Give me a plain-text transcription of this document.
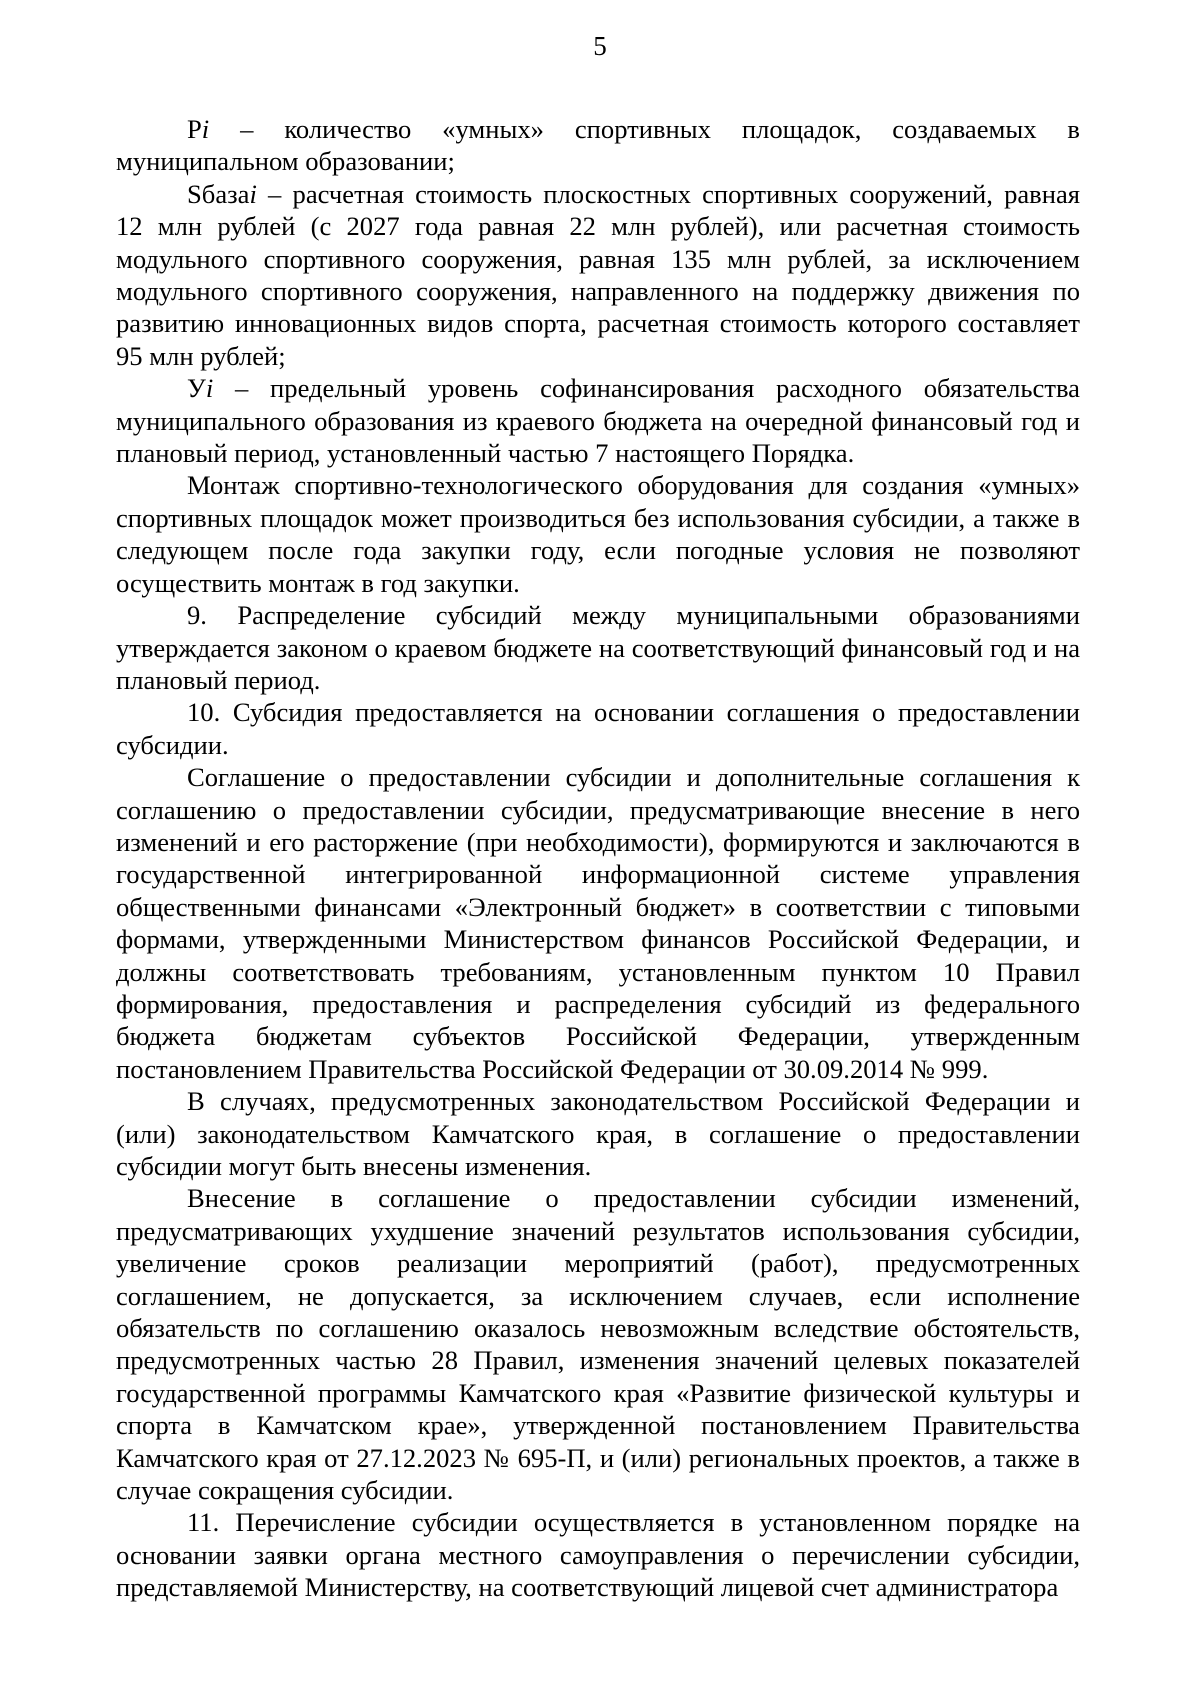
5

Pi – количество «умных» спортивных площадок, создаваемых в муниципальном образовании;

Sбазаi – расчетная стоимость плоскостных спортивных сооружений, равная 12 млн рублей (с 2027 года равная 22 млн рублей), или расчетная стоимость модульного спортивного сооружения, равная 135 млн рублей, за исключением модульного спортивного сооружения, направленного на поддержку движения по развитию инновационных видов спорта, расчетная стоимость которого составляет 95 млн рублей;

Уi – предельный уровень софинансирования расходного обязательства муниципального образования из краевого бюджета на очередной финансовый год и плановый период, установленный частью 7 настоящего Порядка.

Монтаж спортивно-технологического оборудования для создания «умных» спортивных площадок может производиться без использования субсидии, а также в следующем после года закупки году, если погодные условия не позволяют осуществить монтаж в год закупки.

9. Распределение субсидий между муниципальными образованиями утверждается законом о краевом бюджете на соответствующий финансовый год и на плановый период.

10. Субсидия предоставляется на основании соглашения о предоставлении субсидии.

Соглашение о предоставлении субсидии и дополнительные соглашения к соглашению о предоставлении субсидии, предусматривающие внесение в него изменений и его расторжение (при необходимости), формируются и заключаются в государственной интегрированной информационной системе управления общественными финансами «Электронный бюджет» в соответствии с типовыми формами, утвержденными Министерством финансов Российской Федерации, и должны соответствовать требованиям, установленным пунктом 10 Правил формирования, предоставления и распределения субсидий из федерального бюджета бюджетам субъектов Российской Федерации, утвержденным постановлением Правительства Российской Федерации от 30.09.2014 № 999.

В случаях, предусмотренных законодательством Российской Федерации и (или) законодательством Камчатского края, в соглашение о предоставлении субсидии могут быть внесены изменения.

Внесение в соглашение о предоставлении субсидии изменений, предусматривающих ухудшение значений результатов использования субсидии, увеличение сроков реализации мероприятий (работ), предусмотренных соглашением, не допускается, за исключением случаев, если исполнение обязательств по соглашению оказалось невозможным вследствие обстоятельств, предусмотренных частью 28 Правил, изменения значений целевых показателей государственной программы Камчатского края «Развитие физической культуры и спорта в Камчатском крае», утвержденной постановлением Правительства Камчатского края от 27.12.2023 № 695-П, и (или) региональных проектов, а также в случае сокращения субсидии.

11. Перечисление субсидии осуществляется в установленном порядке на основании заявки органа местного самоуправления о перечислении субсидии, представляемой Министерству, на соответствующий лицевой счет администратора
